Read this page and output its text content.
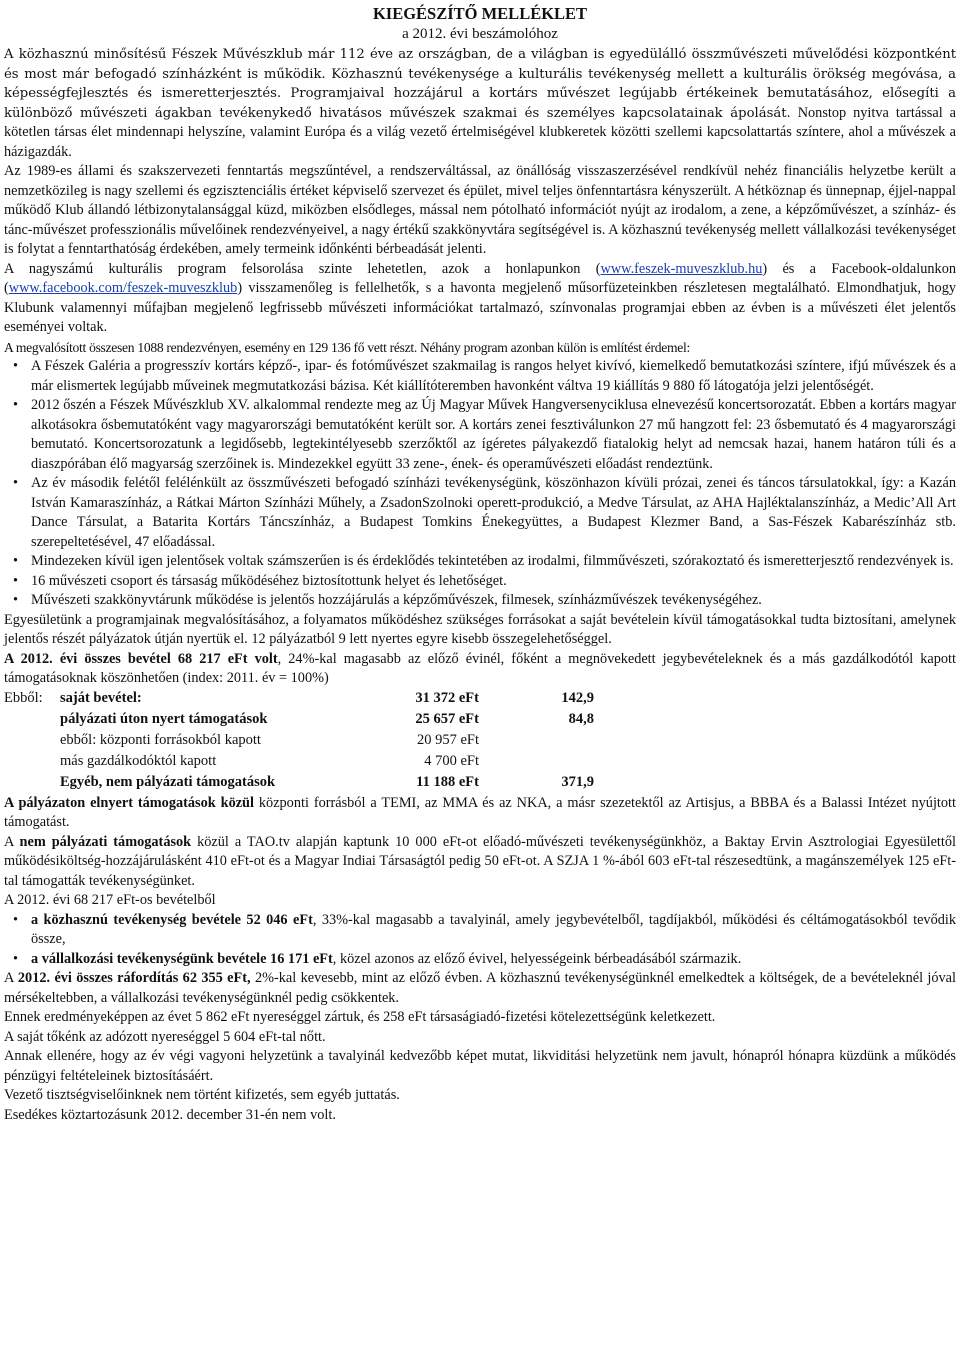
KIEGÉSZÍTŐ MELLÉKLET
a 2012. évi beszámolóhoz

A közhasznú minősítésű Fészek Művészklub már 112 éve az országban, de a világban is egyedülálló összművészeti művelődési központként és most már befogadó színházként is működik. Közhasznú tevékenysége a kulturális tevékenység mellett a kulturális örökség megóvása, a képességfejlesztés és ismeretterjesztés. Programjaival hozzájárul a kortárs művészet legújabb értékeinek bemutatásához, elősegíti a különböző művészeti ágakban tevékenykedő hivatásos művészek szakmai és személyes kapcsolatainak ápolását. Nonstop nyitva tartással a kötetlen társas élet mindennapi helyszíne, valamint Európa és a világ vezető értelmiségével klubkeretek közötti szellemi kapcsolattartás színtere, ahol a művészek a házigazdák.

Az 1989-es állami és szakszervezeti fenntartás megszűntével, a rendszerváltással, az önállóság visszaszerzésével rendkívül nehéz financiális helyzetbe került a nemzetközileg is nagy szellemi és egzisztenciális értéket képviselő szervezet és épület, mivel teljes önfenntartásra kényszerült. A hétköznap és ünnepnap, éjjel-nappal működő Klub állandó létbizonytalansággal küzd, miközben elsődleges, mással nem pótolható információt nyújt az irodalom, a zene, a képzőművészet, a színház- és tánc-művészet professzionális művelőinek rendezvényeivel, a nagy értékű szakkönyvtára segítségével is. A közhasznú tevékenység mellett vállalkozási tevékenységet is folytat a fenntarthatóság érdekében, amely termeink időnkénti bérbeadását jelenti.

A nagyszámú kulturális program felsorolása szinte lehetetlen, azok a honlapunkon (www.feszek-muveszklub.hu) és a Facebook-oldalunkon (www.facebook.com/feszek-muveszklub) visszamenőleg is fellelhetők, s a havonta megjelenő műsorfüzeteinkben részletesen megtalálható. Elmondhatjuk, hogy Klubunk valamennyi műfajban megjelenő legfrissebb művészeti információkat tartalmazó, színvonalas programjai ebben az évben is a művészeti élet jelentős eseményei voltak.

A megvalósított összesen 1088 rendezvényen, esemény en 129 136 fő vett részt. Néhány program azonban külön is említést érdemel:

• A Fészek Galéria a progresszív kortárs képző-, ipar- és fotóművészet szakmailag is rangos helyet kivívó, kiemelkedő bemutatkozási színtere, ifjú művészek és a már elismertek legújabb műveinek megmutatkozási bázisa. Két kiállítóteremben havonként váltva 19 kiállítás 9 880 fő látogatója jelzi jelentőségét.
• 2012 őszén a Fészek Művészklub XV. alkalommal rendezte meg az Új Magyar Művek Hangversenyciklusa elnevezésű koncertsorozatát. Ebben a kortárs magyar alkotásokra ősbemutatóként vagy magyarországi bemutatóként került sor. A kortárs zenei fesztiválunkon 27 mű hangzott fel: 23 ősbemutató és 4 magyarországi bemutató. Koncertsorozatunk a legidősebb, legtekintélyesebb szerzőktől az ígéretes pályakezdő fiatalokig helyt ad nemcsak hazai, hanem határon túli és a diaszpórában élő magyarság szerzőinek is. Mindezekkel együtt 33 zene-, ének- és operaművészeti előadást rendeztünk.
• Az év második felétől felélénkült az összművészeti befogadó színházi tevékenységünk, köszönhazon kívüli prózai, zenei és táncos társulatokkal, így: a Kazán István Kamaraszínház, a Rátkai Márton Színházi Műhely, a ZsadonSzolnoki operett-produkció, a Medve Társulat, az AHA Hajléktalanszínház, a Medic’All Art Dance Társulat, a Batarita Kortárs Táncszínház, a Budapest Tomkins Énekegyüttes, a Budapest Klezmer Band, a Sas-Fészek Kabarészínház stb. szerepeltetésével, 47 előadással.
• Mindezeken kívül igen jelentősek voltak számszerűen is és érdeklődés tekintetében az irodalmi, filmművészeti, szórakoztató és ismeretterjesztő rendezvények is.
• 16 művészeti csoport és társaság működéséhez biztosítottunk helyet és lehetőséget.
• Művészeti szakkönyvtárunk működése is jelentős hozzájárulás a képzőművészek, filmesek, színházművészek tevékenységéhez.

Egyesületünk a programjainak megvalósításához, a folyamatos működéshez szükséges forrásokat a saját bevételein kívül támogatásokkal tudta biztosítani, amelynek jelentős részét pályázatok útján nyertük el. 12 pályázatból 9 lett nyertes egyre kisebb összegelehetőséggel.

A 2012. évi összes bevétel 68 217 eFt volt, 24%-kal magasabb az előző évinél, főként a megnövekedett jegybevételeknek és a más gazdálkodótól kapott támogatásoknak köszönhetően (index: 2011. év = 100%)

Ebből:	saját bevétel:	31 372 eFt	142,9
	pályázati úton nyert támogatások	25 657 eFt	84,8
	ebből: központi forrásokból kapott	20 957 eFt	
	más gazdálkodóktól kapott	4 700 eFt	
	Egyéb, nem pályázati támogatások	11 188 eFt	371,9

A pályázaton elnyert támogatások közül központi forrásból a TEMI, az MMA és az NKA, a másr szezetektől az Artisjus, a BBBA és a Balassi Intézet nyújtott támogatást.

A nem pályázati támogatások közül a TAO.tv alapján kaptunk 10 000 eFt-ot előadó-művészeti tevékenységünkhöz, a Baktay Ervin Asztrologiai Egyesülettől működésiköltség-hozzájárulásként 410 eFt-ot és a Magyar Indiai Társaságtól pedig 50 eFt-ot. A SZJA 1 %-ából 603 eFt-tal részesedtünk, a magánszemélyek 125 eFt-tal támogatták tevékenységünket.

A 2012. évi 68 217 eFt-os bevételből

• a közhasznú tevékenység bevétele 52 046 eFt, 33%-kal magasabb a tavalyinál, amely jegybevételből, tagdíjakból, működési és céltámogatásokból tevődik össze,
• a vállalkozási tevékenységünk bevétele 16 171 eFt, közel azonos az előző évivel, helyességeink bérbeadásából származik.

A 2012. évi összes ráfordítás 62 355 eFt, 2%-kal kevesebb, mint az előző évben. A közhasznú tevékenységünknél emelkedtek a költségek, de a bevételeknél jóval mérsékeltebben, a vállalkozási tevékenységünknél pedig csökkentek.

Ennek eredményeképpen az évet 5 862 eFt nyereséggel zártuk, és 258 eFt társaságiadó-fizetési kötelezettségünk keletkezett.

A saját tőkénk az adózott nyereséggel 5 604 eFt-tal nőtt.

Annak ellenére, hogy az év végi vagyoni helyzetünk a tavalyinál kedvezőbb képet mutat, likviditási helyzetünk nem javult, hónapról hónapra küzdünk a működés pénzügyi feltételeinek biztosításáért.

Vezető tisztségviselőinknek nem történt kifizetés, sem egyéb juttatás.

Esedékes köztartozásunk 2012. december 31-én nem volt.
